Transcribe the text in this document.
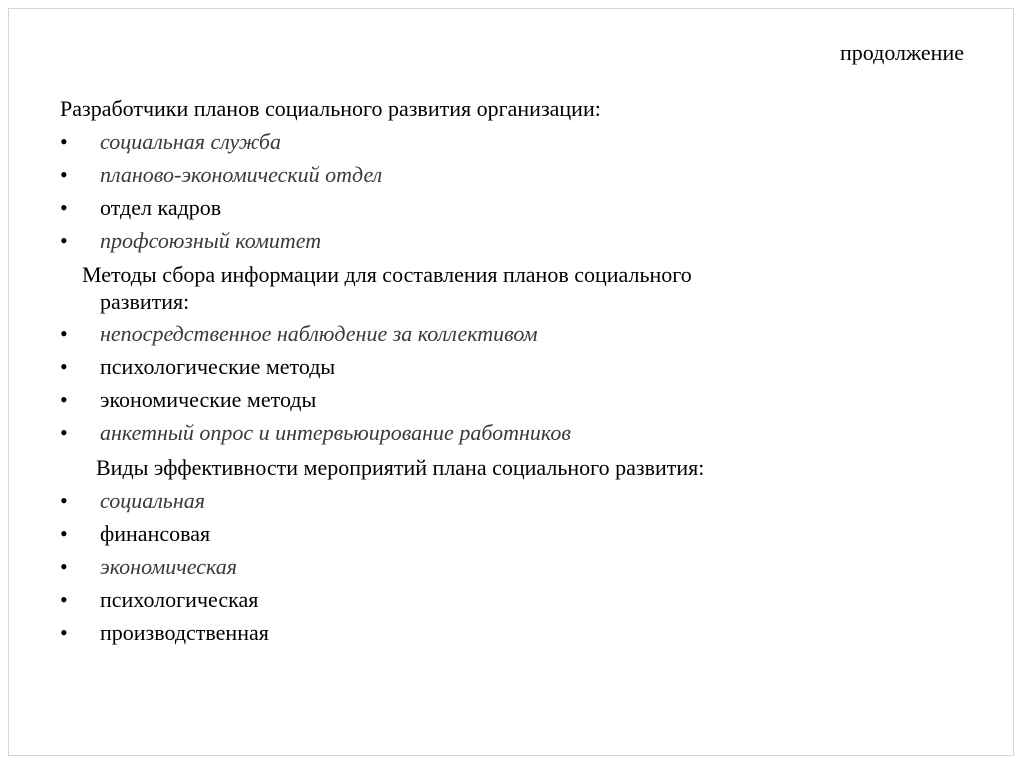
продолжение

Разработчики планов социального развития организации:

• социальная служба
• планово-экономический отдел
• отдел кадров
• профсоюзный комитет

Методы сбора информации для составления планов социального
развития:

• непосредственное наблюдение за коллективом
• психологические методы
• экономические методы
• анкетный опрос и интервьюирование работников

Виды эффективности мероприятий плана социального развития:

• социальная
• финансовая
• экономическая
• психологическая
• производственная
